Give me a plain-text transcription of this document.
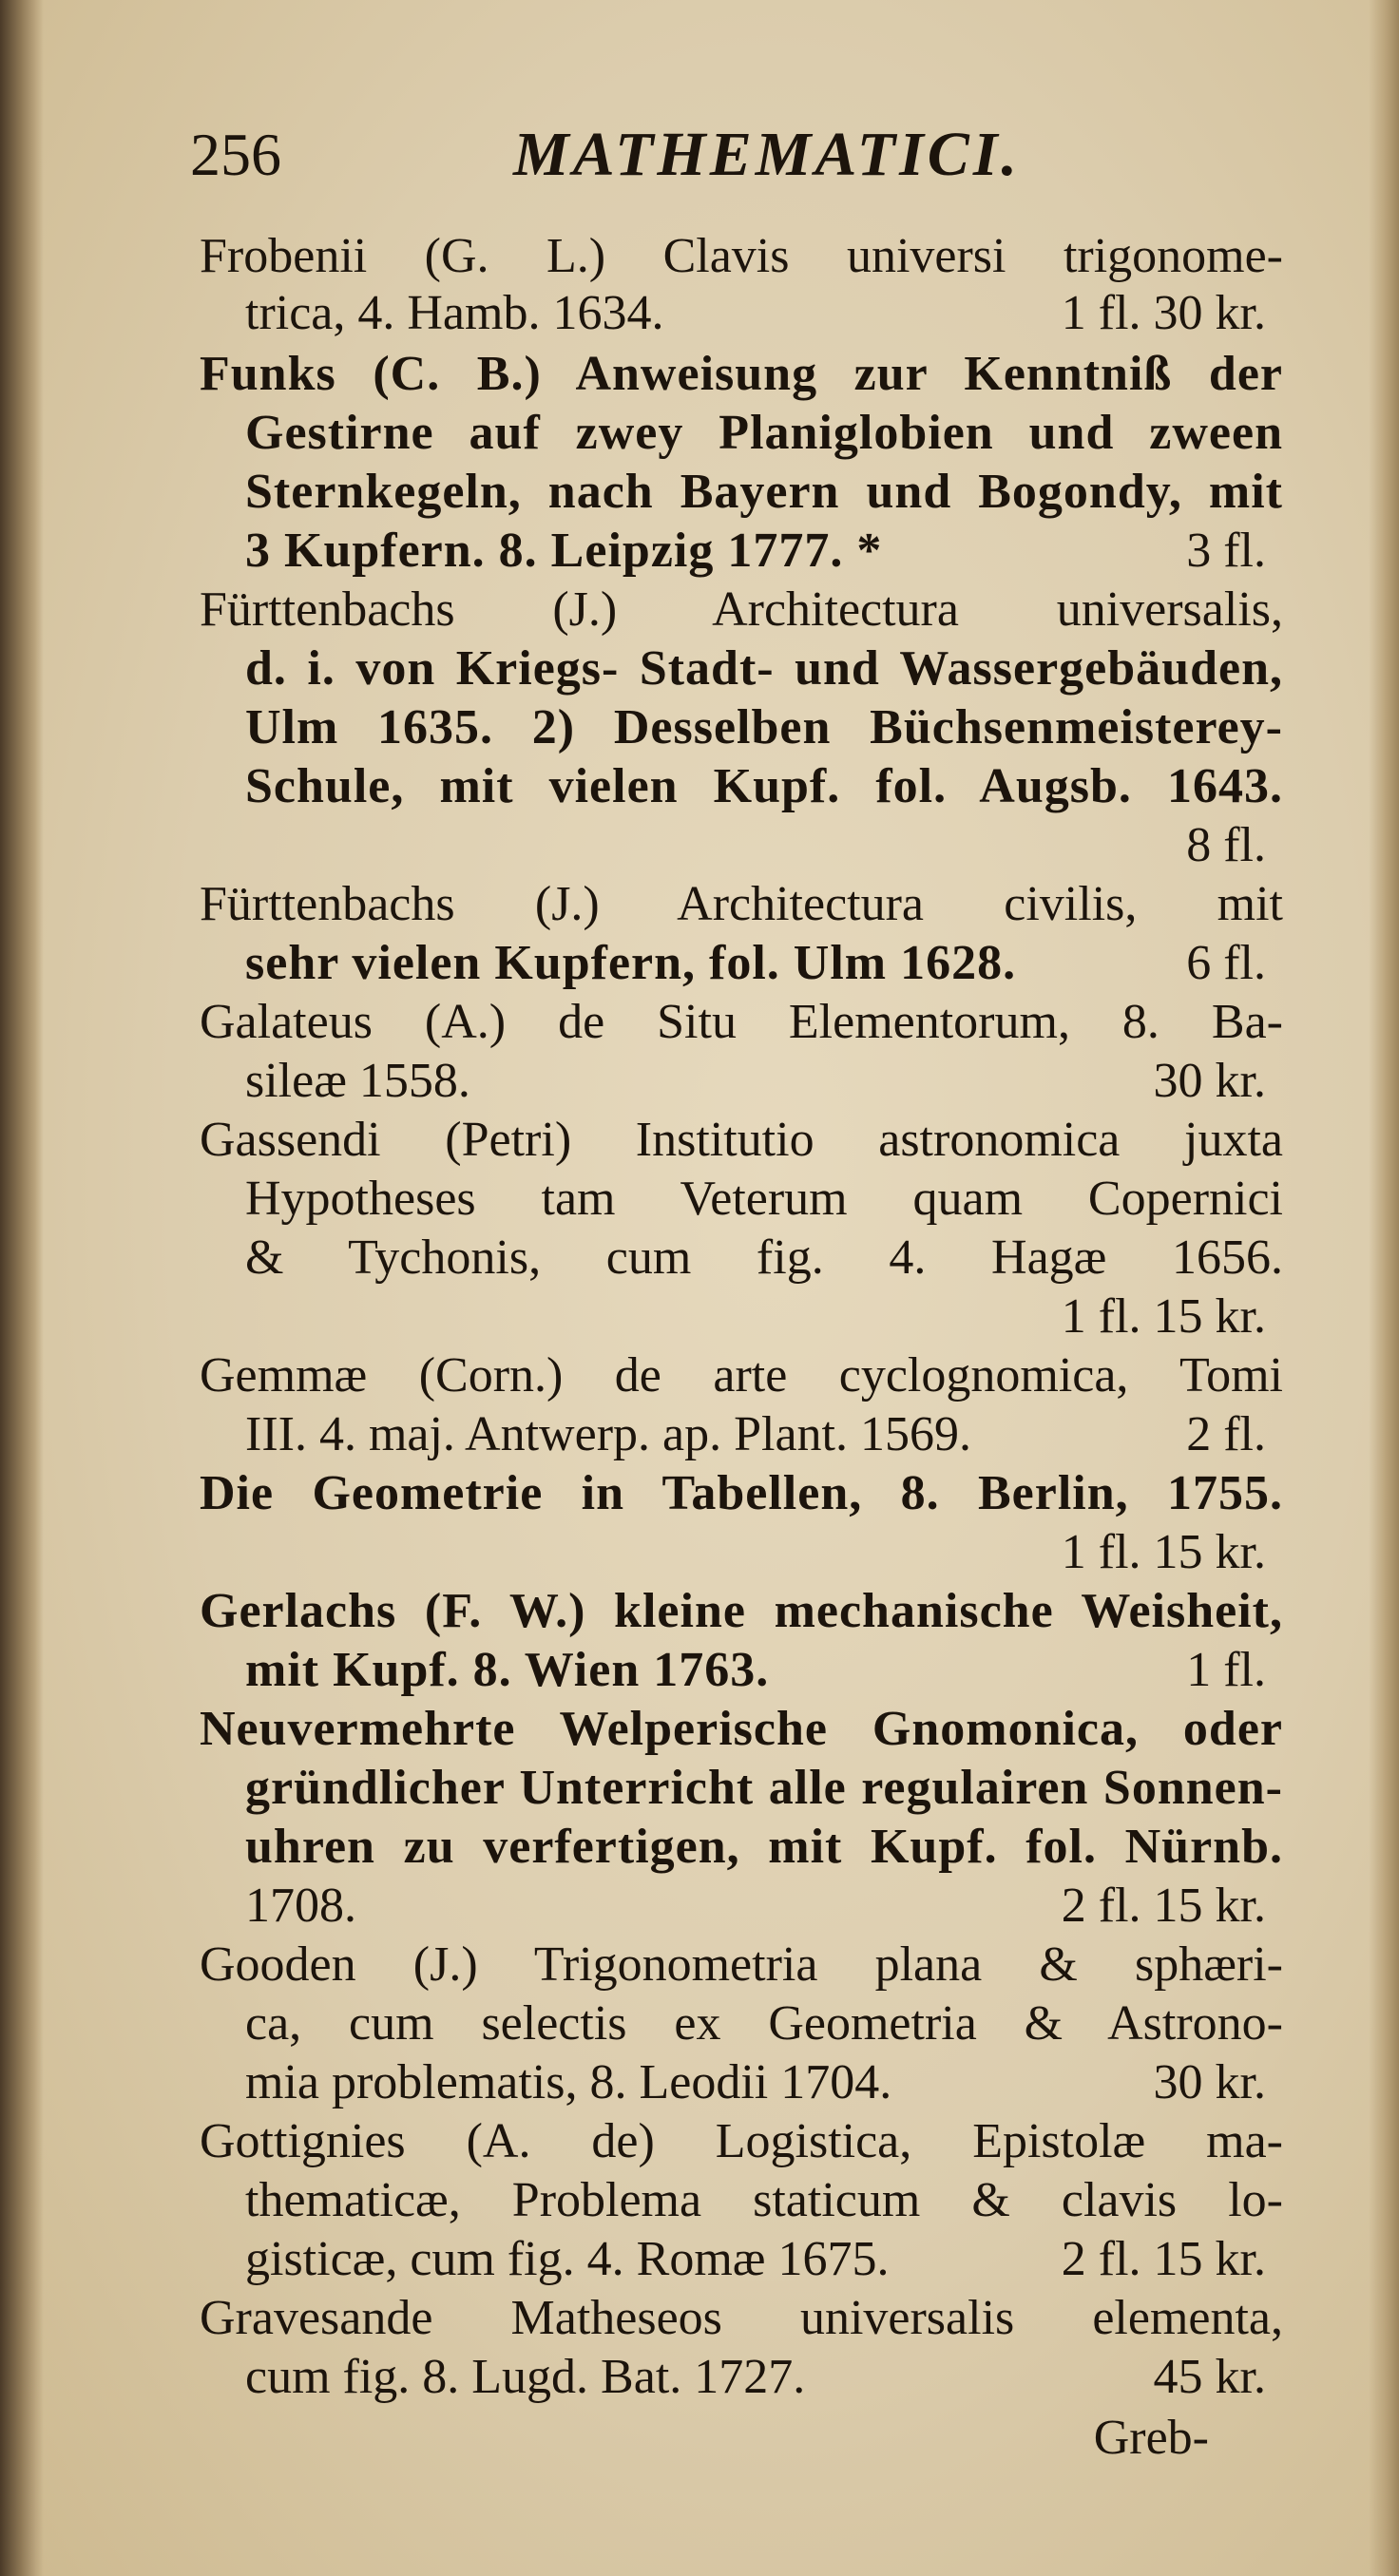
256	MATHEMATICI.
Frobenii (G. L.) Clavis universi trigonome-
trica, 4. Hamb. 1634.	1 fl. 30 kr.
Funks (C. B.) Anweisung zur Kenntniß der
Gestirne auf zwey Planiglobien und zween
Sternkegeln, nach Bayern und Bogondy, mit
3 Kupfern. 8. Leipzig 1777. *	3 fl.
Fürttenbachs (J.) Architectura universalis,
d. i. von Kriegs- Stadt- und Wassergebäuden,
Ulm 1635. 2) Desselben Büchsenmeisterey-
Schule, mit vielen Kupf. fol. Augsb. 1643.
8 fl.
Fürttenbachs (J.) Architectura civilis, mit
sehr vielen Kupfern, fol. Ulm 1628.	6 fl.
Galateus (A.) de Situ Elementorum, 8. Ba-
sileæ 1558.	30 kr.
Gassendi (Petri) Institutio astronomica juxta
Hypotheses tam Veterum quam Copernici
& Tychonis, cum fig. 4. Hagæ 1656.
1 fl. 15 kr.
Gemmæ (Corn.) de arte cyclognomica, Tomi
III. 4. maj. Antwerp. ap. Plant. 1569.	2 fl.
Die Geometrie in Tabellen, 8. Berlin, 1755.
1 fl. 15 kr.
Gerlachs (F. W.) kleine mechanische Weisheit,
mit Kupf. 8. Wien 1763.	1 fl.
Neuvermehrte Welperische Gnomonica, oder
gründlicher Unterricht alle regulairen Sonnen-
uhren zu verfertigen, mit Kupf. fol. Nürnb.
1708.	2 fl. 15 kr.
Gooden (J.) Trigonometria plana & sphæri-
ca, cum selectis ex Geometria & Astrono-
mia problematis, 8. Leodii 1704.	30 kr.
Gottignies (A. de) Logistica, Epistolæ ma-
thematicæ, Problema staticum & clavis lo-
gisticæ, cum fig. 4. Romæ 1675.	2 fl. 15 kr.
Gravesande Matheseos universalis elementa,
cum fig. 8. Lugd. Bat. 1727.	45 kr.
Greb-
